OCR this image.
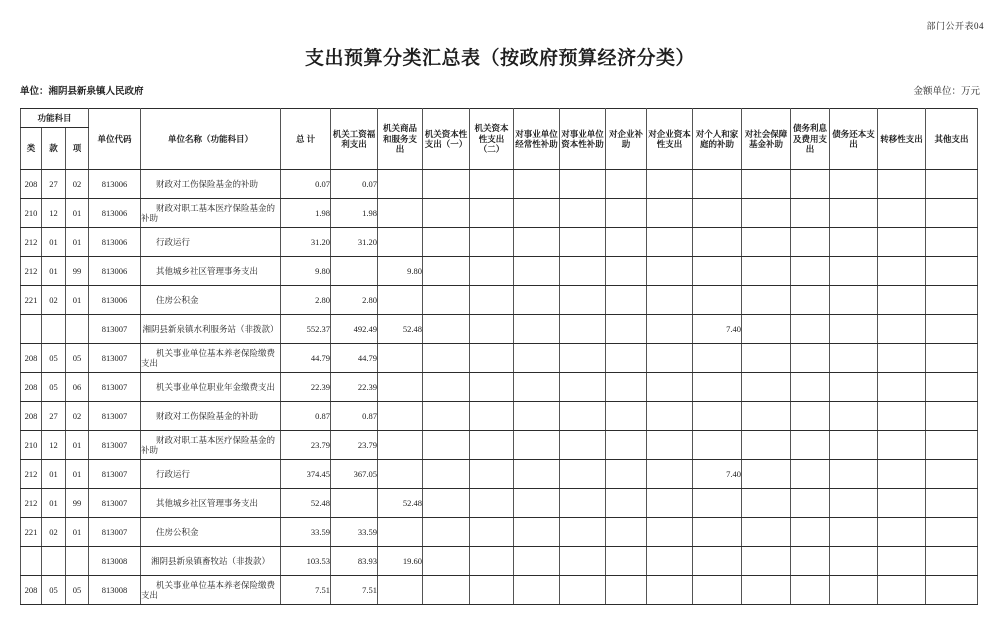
部门公开表04
支出预算分类汇总表（按政府预算经济分类）
单位：湘阴县新泉镇人民政府	金额单位：万元
功能科目			单位代码	单位名称（功能科目）	总 计	机关工资福利支出	机关商品和服务支出	机关资本性支出（一）	机关资本性支出（二）	对事业单位经常性补助	对事业单位资本性补助	对企业补助	对企业资本性支出	对个人和家庭的补助	对社会保障基金补助	债务利息及费用支出	债务还本支出	转移性支出	其他支出
类	款	项																	
208	27	02	813006	财政对工伤保险基金的补助	0.07	0.07													
210	12	01	813006	财政对职工基本医疗保险基金的补助	1.98	1.98													
212	01	01	813006	行政运行	31.20	31.20													
212	01	99	813006	其他城乡社区管理事务支出	9.80		9.80												
221	02	01	813006	住房公积金	2.80	2.80													
			813007	湘阴县新泉镇水利服务站（非拨款）	552.37	492.49	52.48							7.40					
208	05	05	813007	机关事业单位基本养老保险缴费支出	44.79	44.79													
208	05	06	813007	机关事业单位职业年金缴费支出	22.39	22.39													
208	27	02	813007	财政对工伤保险基金的补助	0.87	0.87													
210	12	01	813007	财政对职工基本医疗保险基金的补助	23.79	23.79													
212	01	01	813007	行政运行	374.45	367.05								7.40					
212	01	99	813007	其他城乡社区管理事务支出	52.48		52.48												
221	02	01	813007	住房公积金	33.59	33.59													
			813008	湘阴县新泉镇畜牧站（非拨款）	103.53	83.93	19.60												
208	05	05	813008	机关事业单位基本养老保险缴费支出	7.51	7.51													
